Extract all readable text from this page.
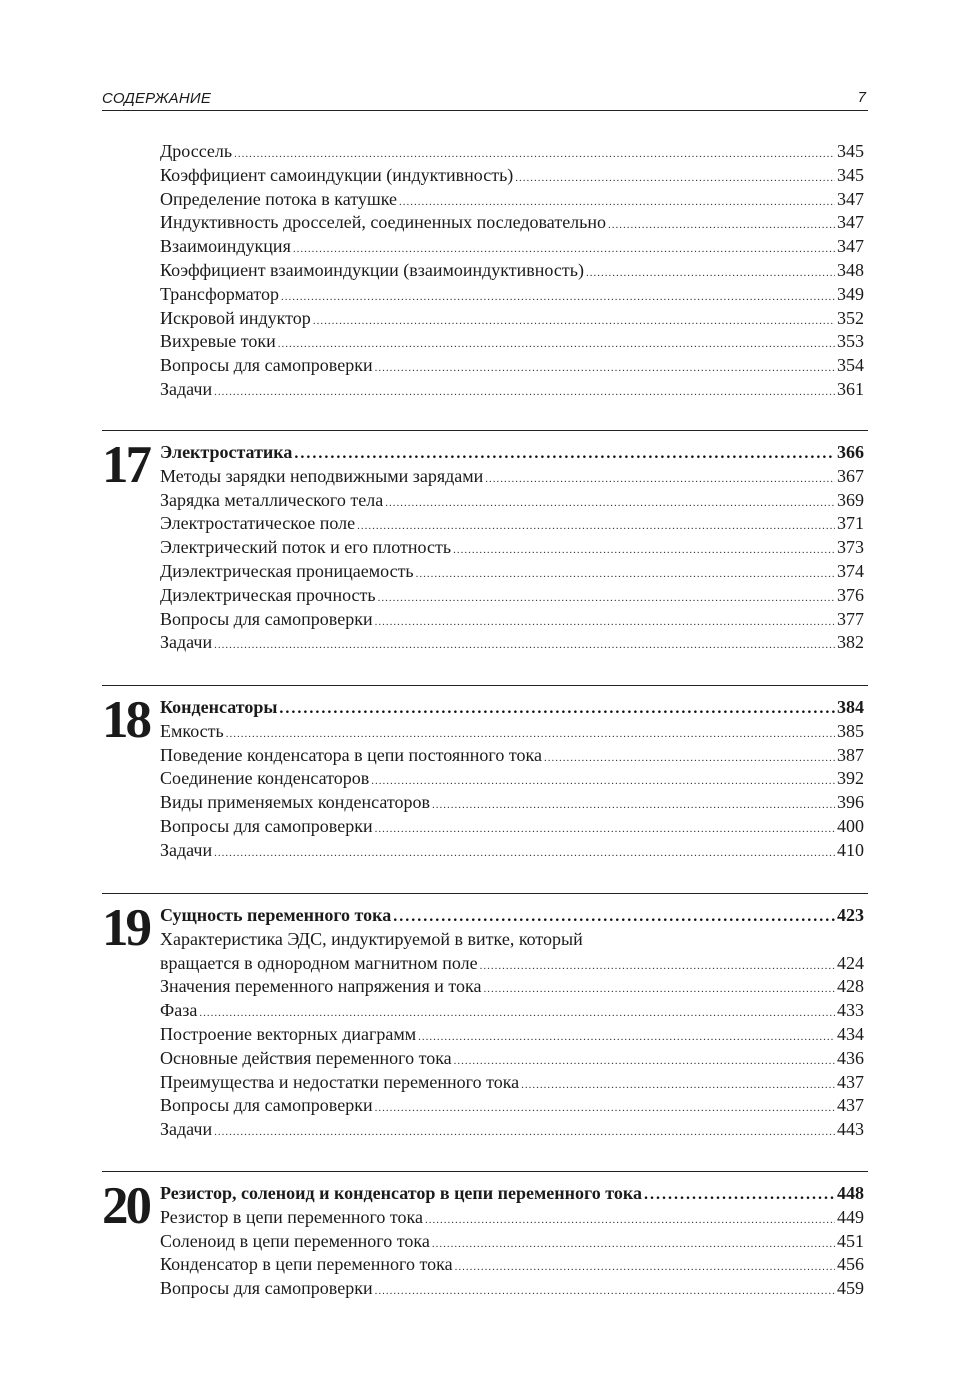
СОДЕРЖАНИЕ	7
Дроссель .....	345
Коэффициент самоиндукции (индуктивность) .....	345
Определение потока в катушке .....	347
Индуктивность дросселей, соединенных последовательно .....	347
Взаимоиндукция .....	347
Коэффициент взаимоиндукции (взаимоиндуктивность) .....	348
Трансформатор .....	349
Искровой индуктор .....	352
Вихревые токи .....	353
Вопросы для самопроверки .....	354
Задачи .....	361
17 Электростатика .....	366
Методы зарядки неподвижными зарядами .....	367
Зарядка металлического тела .....	369
Электростатическое поле .....	371
Электрический поток и его плотность .....	373
Диэлектрическая проницаемость .....	374
Диэлектрическая прочность .....	376
Вопросы для самопроверки .....	377
Задачи .....	382
18 Конденсаторы .....	384
Емкость .....	385
Поведение конденсатора в цепи постоянного тока .....	387
Соединение конденсаторов .....	392
Виды применяемых конденсаторов .....	396
Вопросы для самопроверки .....	400
Задачи .....	410
19 Сущность переменного тока .....	423
Характеристика ЭДС, индуктируемой в витке, который
вращается в однородном магнитном поле .....	424
Значения переменного напряжения и тока .....	428
Фаза .....	433
Построение векторных диаграмм .....	434
Основные действия переменного тока .....	436
Преимущества и недостатки переменного тока .....	437
Вопросы для самопроверки .....	437
Задачи .....	443
20 Резистор, соленоид и конденсатор в цепи переменного тока .....	448
Резистор в цепи переменного тока .....	449
Соленоид в цепи переменного тока .....	451
Конденсатор в цепи переменного тока .....	456
Вопросы для самопроверки .....	459
